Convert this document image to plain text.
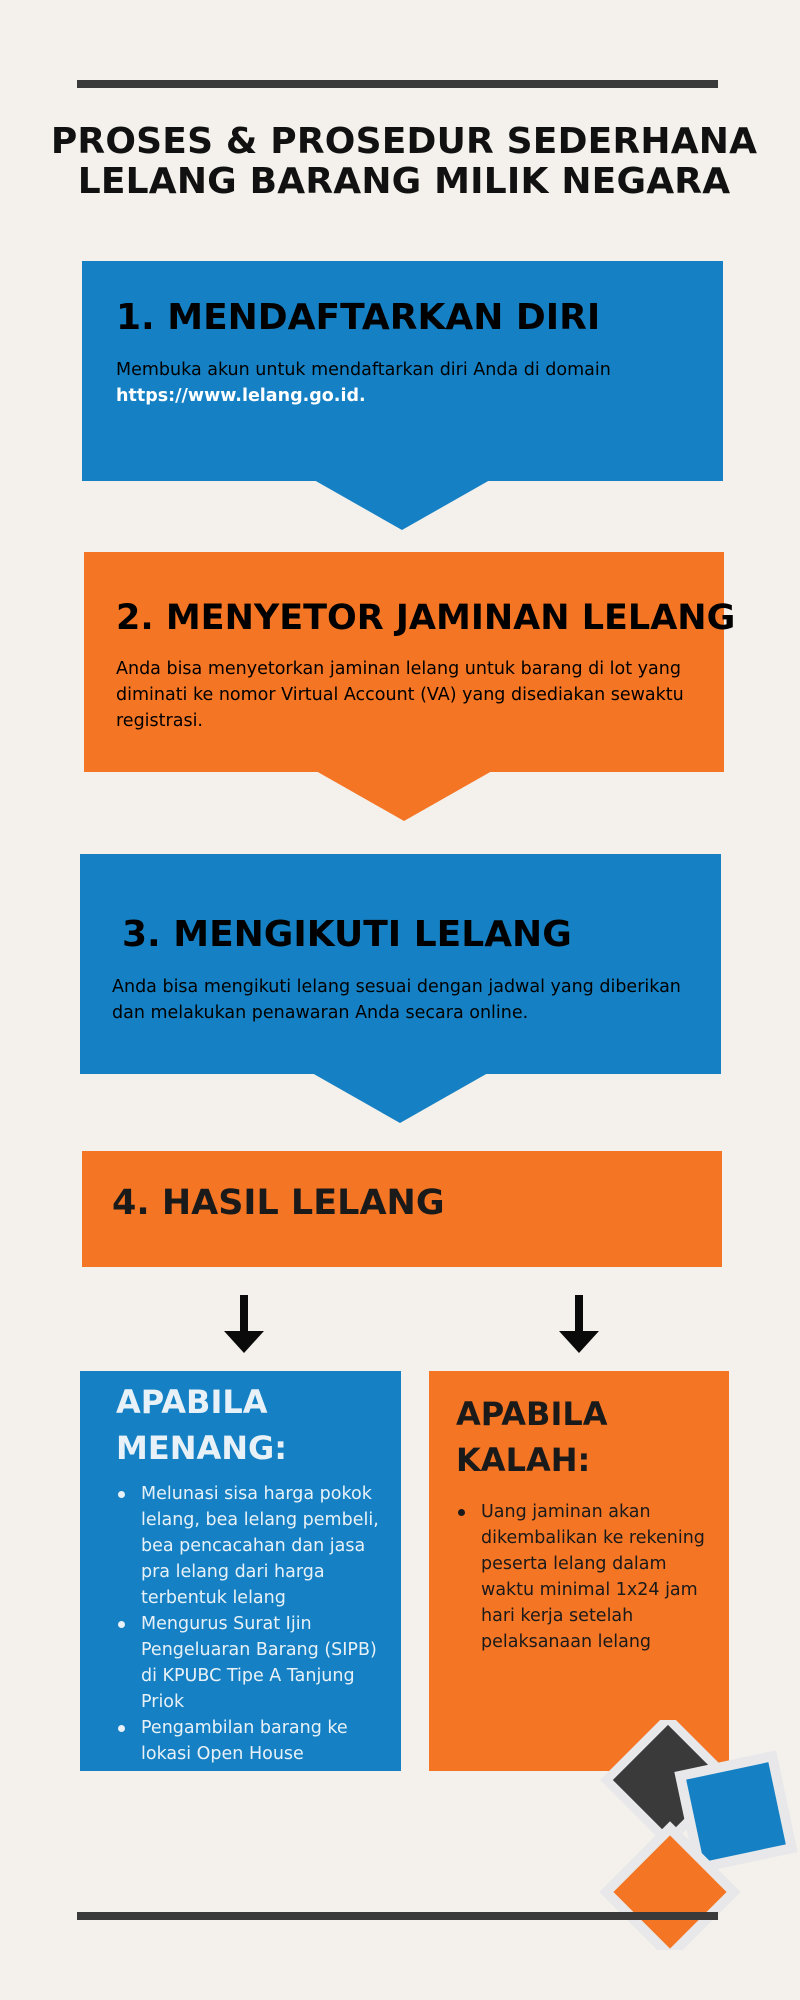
PROSES & PROSEDUR SEDERHANA
LELANG BARANG MILIK NEGARA
1. MENDAFTARKAN DIRI

Membuka akun untuk mendaftarkan diri Anda di domain
https://www.lelang.go.id.

2. MENYETOR JAMINAN LELANG

Anda bisa menyetorkan jaminan lelang untuk barang di lot yang
diminati ke nomor Virtual Account (VA) yang disediakan sewaktu
registrasi.

3. MENGIKUTI LELANG

Anda bisa mengikuti lelang sesuai dengan jadwal yang diberikan
dan melakukan penawaran Anda secara online.

4. HASIL LELANG
APABILA
MENANG:
Melunasi sisa harga pokok lelang, bea lelang pembeli, bea pencacahan dan jasa pra lelang dari harga terbentuk lelang
Mengurus Surat Ijin Pengeluaran Barang (SIPB) di KPUBC Tipe A Tanjung Priok
Pengambilan barang ke lokasi Open House
APABILA
KALAH:
Uang jaminan akan dikembalikan ke rekening peserta lelang dalam waktu minimal 1x24 jam hari kerja setelah pelaksanaan lelang
